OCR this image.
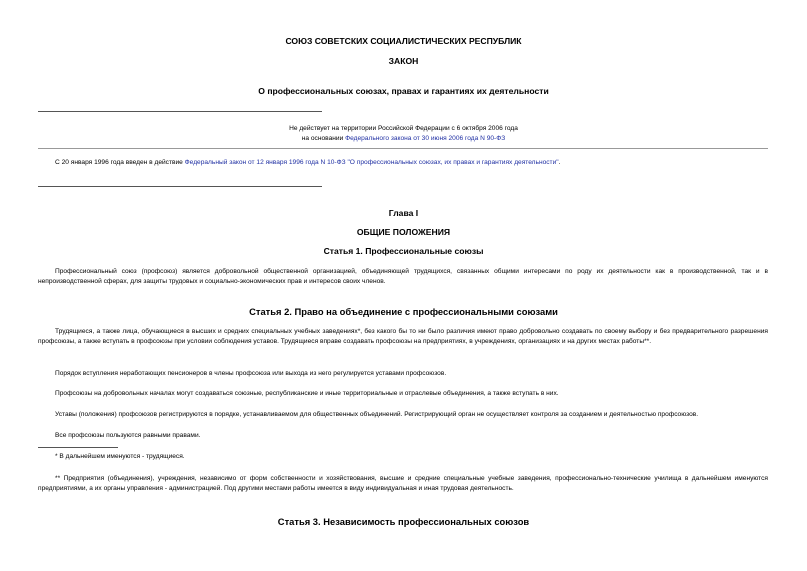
СОЮЗ СОВЕТСКИХ СОЦИАЛИСТИЧЕСКИХ РЕСПУБЛИК
ЗАКОН
О профессиональных союзах, правах и гарантиях их деятельности
Не действует на территории Российской Федерации с 6 октября 2006 года
на основании Федерального закона от 30 июня 2006 года N 90-ФЗ
С 20 января 1996 года введен в действие Федеральный закон от 12 января 1996 года N 10-ФЗ "О профессиональных союзах, их правах и гарантиях деятельности".
Глава I
ОБЩИЕ ПОЛОЖЕНИЯ
Статья 1. Профессиональные союзы
Профессиональный союз (профсоюз) является добровольной общественной организацией, объединяющей трудящихся, связанных общими интересами по роду их деятельности как в производственной, так и в непроизводственной сферах, для защиты трудовых и социально-экономических прав и интересов своих членов.
Статья 2. Право на объединение с профессиональными союзами
Трудящиеся, а также лица, обучающиеся в высших и средних специальных учебных заведениях*, без какого бы то ни было различия имеют право добровольно создавать по своему выбору и без предварительного разрешения профсоюзы, а также вступать в профсоюзы при условии соблюдения уставов. Трудящиеся вправе создавать профсоюзы на предприятиях, в учреждениях, организациях и на других местах работы**.
Порядок вступления неработающих пенсионеров в члены профсоюза или выхода из него регулируется уставами профсоюзов.
Профсоюзы на добровольных началах могут создаваться союзные, республиканские и иные территориальные и отраслевые объединения, а также вступать в них.
Уставы (положения) профсоюзов регистрируются в порядке, устанавливаемом для общественных объединений. Регистрирующий орган не осуществляет контроля за созданием и деятельностью профсоюзов.
Все профсоюзы пользуются равными правами.
* В дальнейшем именуются - трудящиеся.
** Предприятия (объединения), учреждения, независимо от форм собственности и хозяйствования, высшие и средние специальные учебные заведения, профессионально-технические училища в дальнейшем именуются предприятиями, а их органы управления - администрацией. Под другими местами работы имеется в виду индивидуальная и иная трудовая деятельность.
Статья 3. Независимость профессиональных союзов
